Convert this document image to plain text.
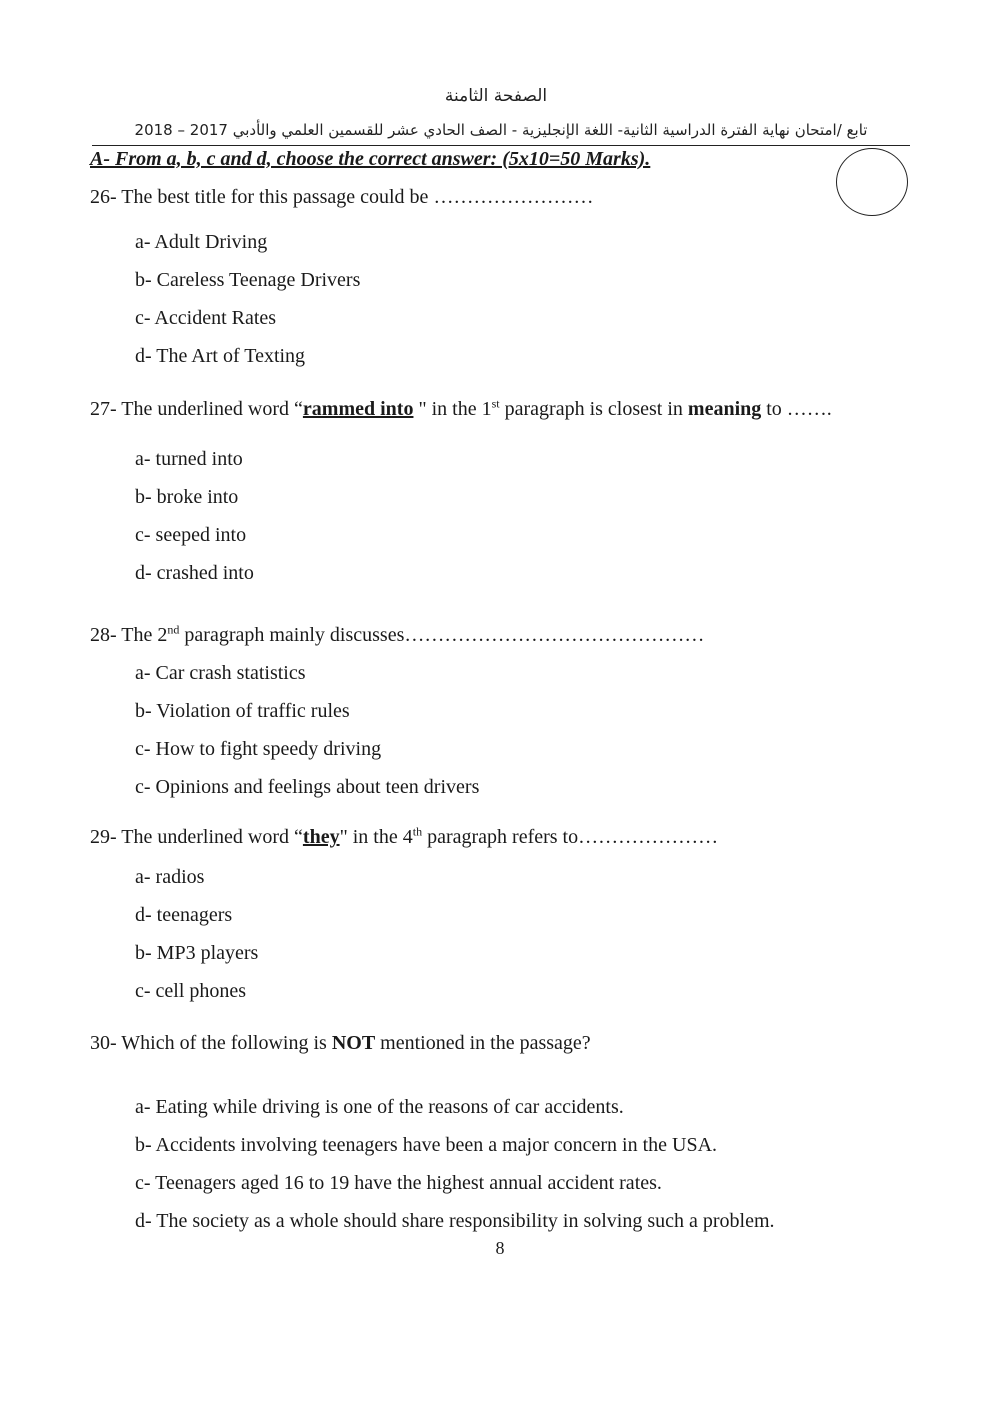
الصفحة الثامنة
تابع /امتحان نهاية الفترة الدراسية الثانية- اللغة الإنجليزية - الصف الحادي عشر للقسمين العلمي والأدبي 2017 – 2018
A- From a, b, c and d, choose the correct answer: (5x10=50 Marks).
26- The best title for this passage could be ……………………
a- Adult Driving
b- Careless Teenage Drivers
c- Accident Rates
d- The Art of Texting
27- The underlined word “rammed into " in the 1st paragraph is closest in meaning to …….
a- turned into
b- broke into
c- seeped into
d- crashed into
28- The 2nd paragraph mainly discusses………………………………………
a- Car crash statistics
b- Violation of traffic rules
c- How to fight speedy driving
c- Opinions and feelings about teen drivers
29- The underlined word “they" in the 4th paragraph refers to…………………
a- radios
d- teenagers
b- MP3 players
c- cell phones
30- Which of the following is NOT mentioned in the passage?
a- Eating while driving is one of the reasons of car accidents.
b- Accidents involving teenagers have been a major concern in the USA.
c- Teenagers aged 16 to 19 have the highest annual accident rates.
d- The society as a whole should share responsibility in solving such a problem.
8
